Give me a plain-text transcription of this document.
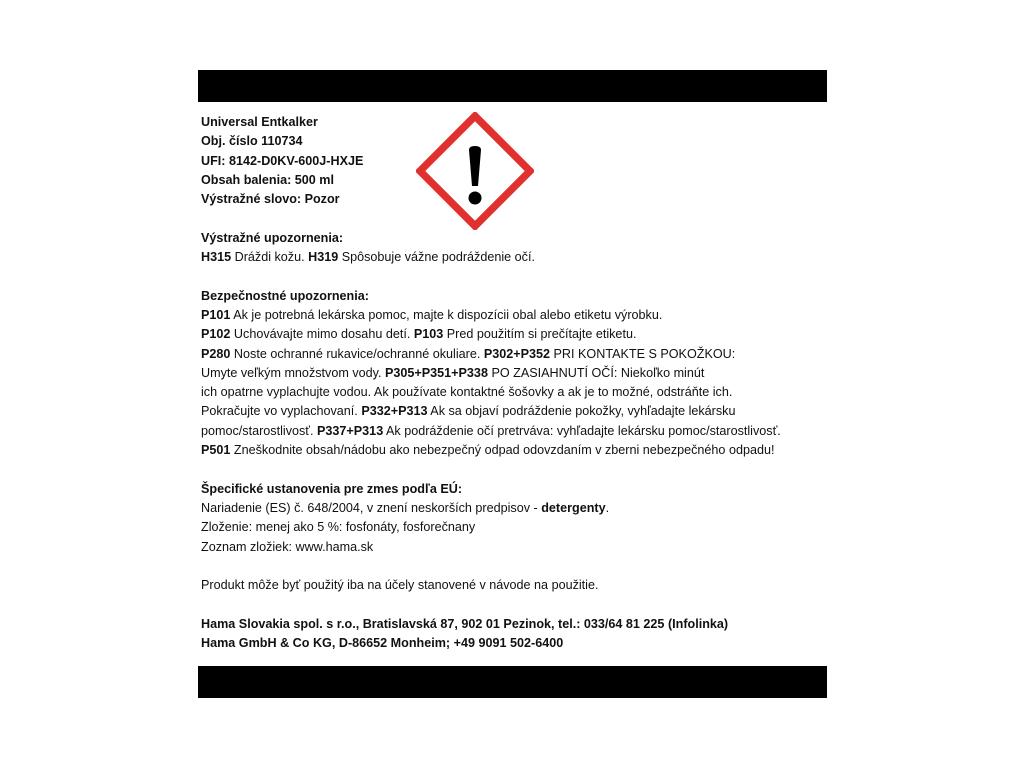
Universal Entkalker
Obj. číslo 110734
UFI: 8142-D0KV-600J-HXJE
Obsah balenia: 500 ml
Výstražné slovo: Pozor
Výstražné upozornenia:
H315 Dráždi kožu. H319 Spôsobuje vážne podráždenie očí.
Bezpečnostné upozornenia:
P101 Ak je potrebná lekárska pomoc, majte k dispozícii obal alebo etiketu výrobku.
P102 Uchovávajte mimo dosahu detí. P103 Pred použitím si prečítajte etiketu.
P280 Noste ochranné rukavice/ochranné okuliare. P302+P352 PRI KONTAKTE S POKOŽKOU:
Umyte veľkým množstvom vody. P305+P351+P338 PO ZASIAHNUTÍ OČÍ: Niekoľko minút
ich opatrne vyplachujte vodou. Ak používate kontaktné šošovky a ak je to možné, odstráňte ich.
Pokračujte vo vyplachovaní. P332+P313 Ak sa objaví podráždenie pokožky, vyhľadajte lekársku
pomoc/starostlivosť. P337+P313 Ak podráždenie očí pretrváva: vyhľadajte lekársku pomoc/starostlivosť.
P501 Zneškodnite obsah/nádobu ako nebezpečný odpad odovzdaním v zberni nebezpečného odpadu!
Špecifické ustanovenia pre zmes podľa EÚ:
Nariadenie (ES) č. 648/2004, v znení neskorších predpisov - detergenty.
Zloženie: menej ako 5 %: fosfonáty, fosforečnany
Zoznam zložiek: www.hama.sk
Produkt môže byť použitý iba na účely stanovené v návode na použitie.
Hama Slovakia spol. s r.o., Bratislavská 87, 902 01 Pezinok, tel.: 033/64 81 225 (Infolinka)
Hama GmbH & Co KG, D-86652 Monheim; +49 9091 502-6400
